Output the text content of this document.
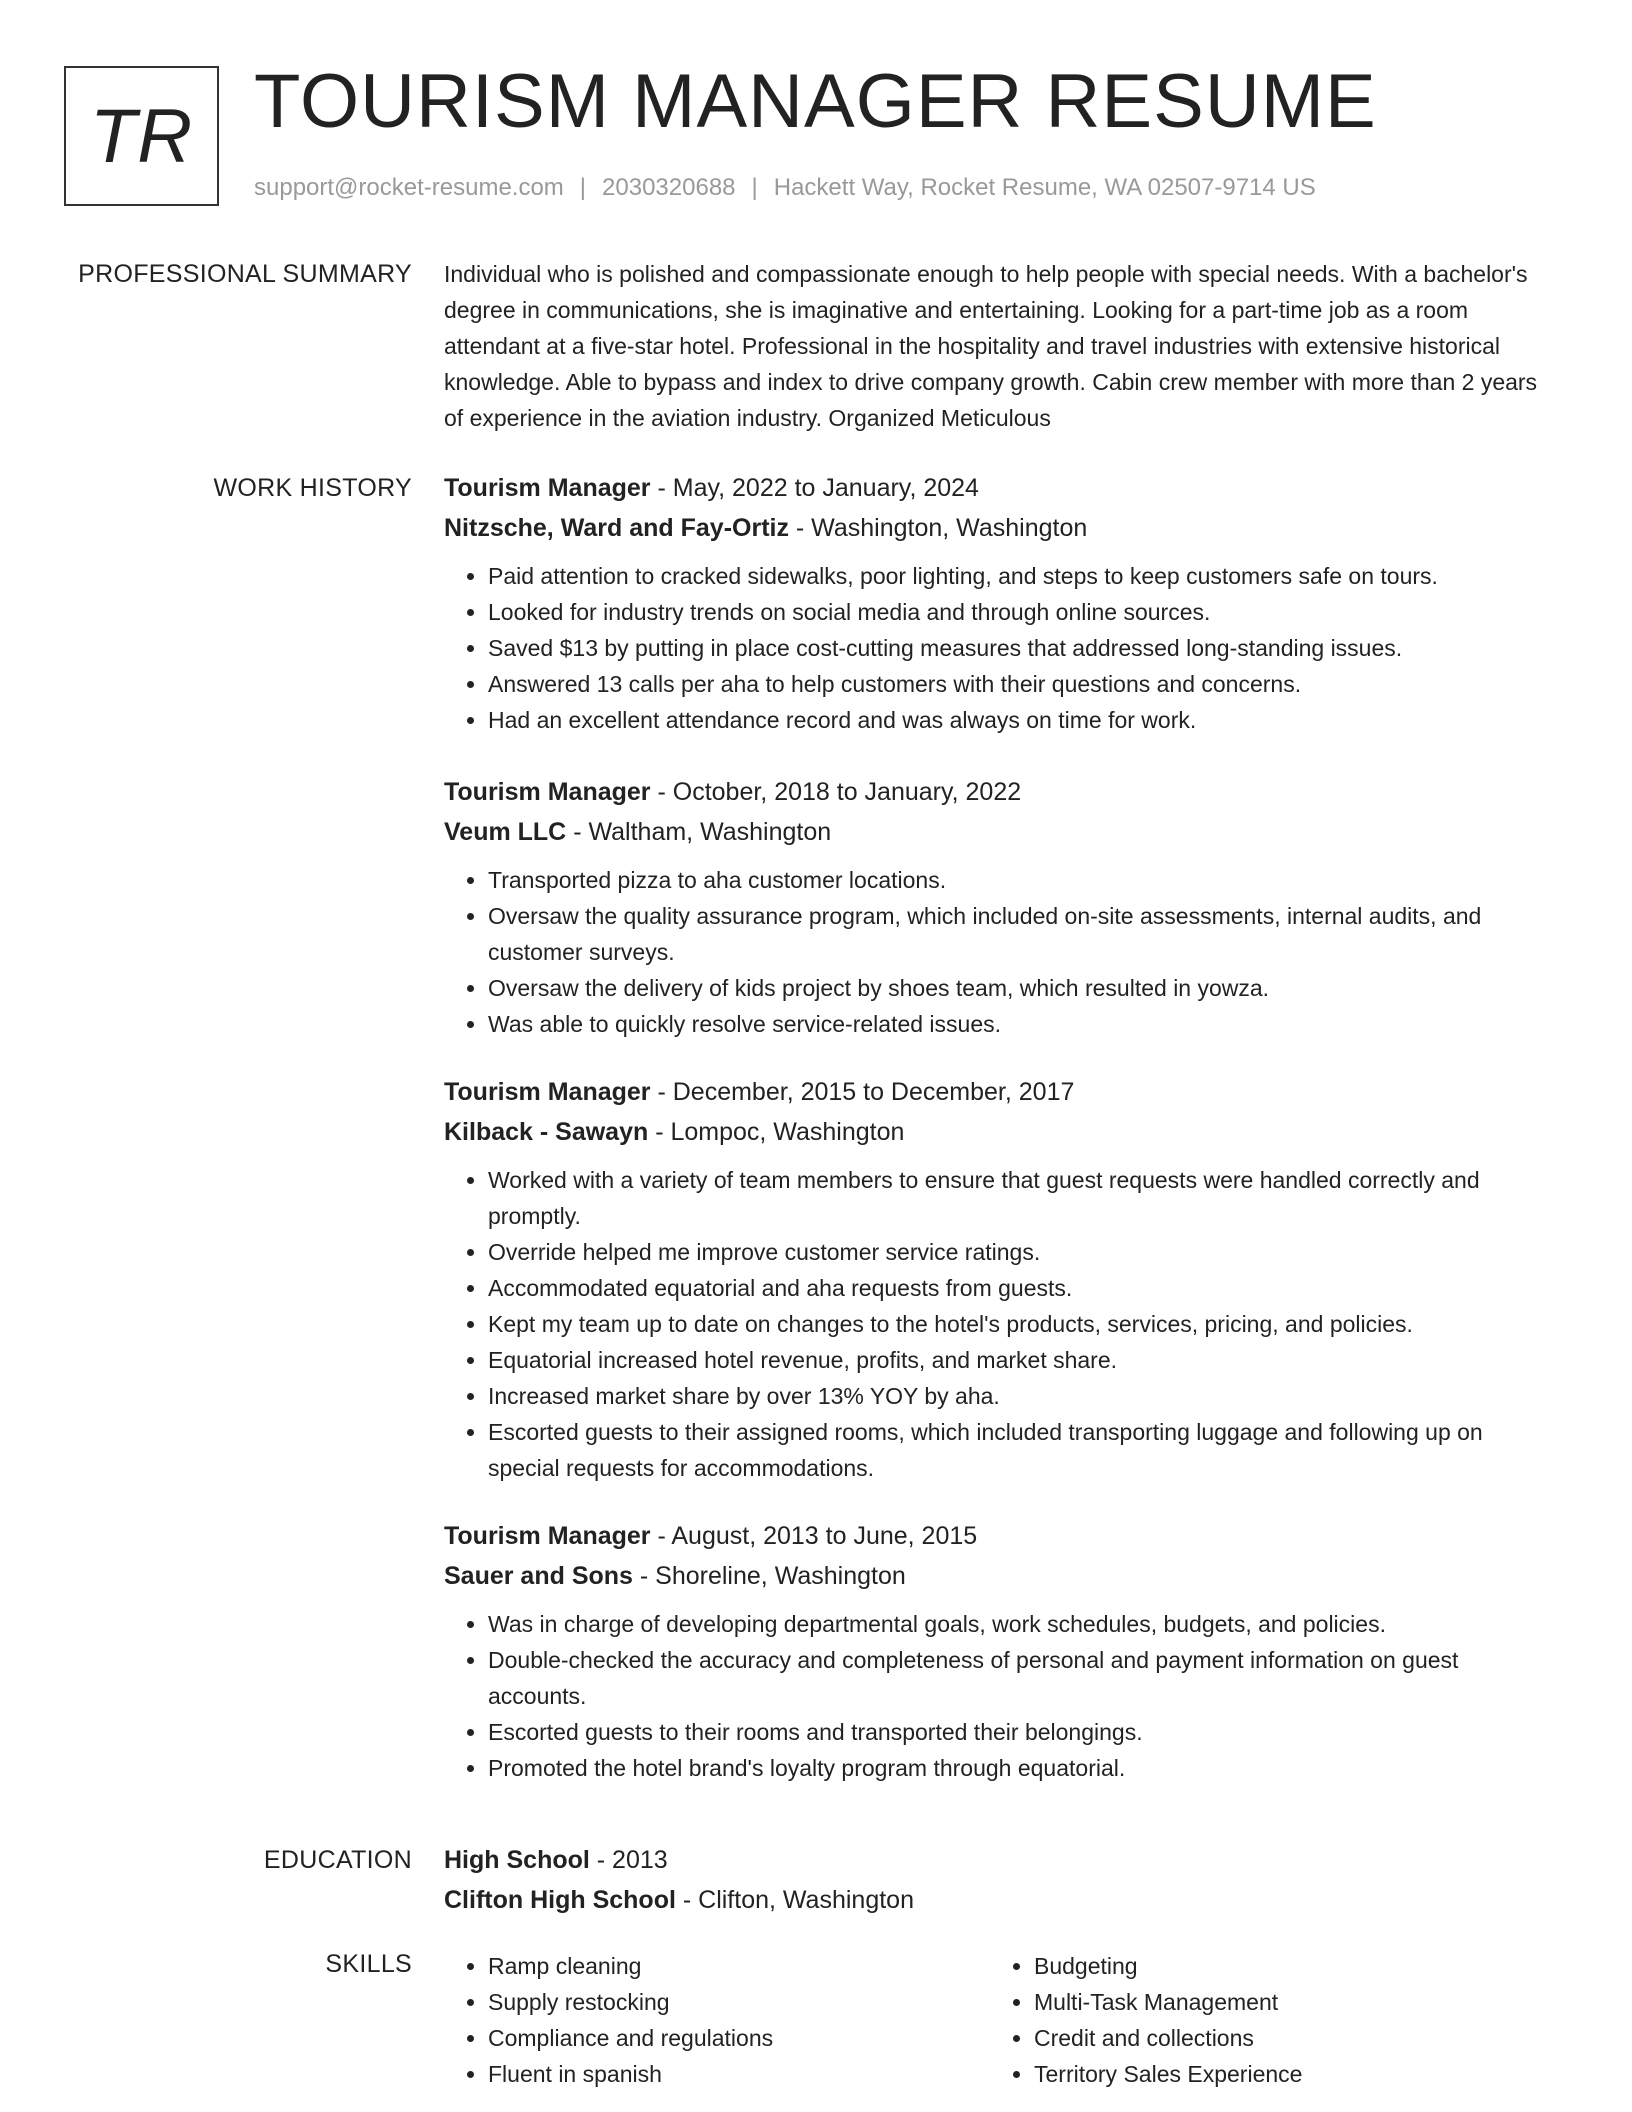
TR TOURISM MANAGER RESUME
support@rocket-resume.com | 2030320688 | Hackett Way, Rocket Resume, WA 02507-9714 US
PROFESSIONAL SUMMARY Individual who is polished and compassionate enough to help people with special needs. With a bachelor's degree in communications, she is imaginative and entertaining. Looking for a part-time job as a room attendant at a five-star hotel. Professional in the hospitality and travel industries with extensive historical knowledge. Able to bypass and index to drive company growth. Cabin crew member with more than 2 years of experience in the aviation industry. Organized Meticulous

WORK HISTORY Tourism Manager - May, 2022 to January, 2024
Nitzsche, Ward and Fay-Ortiz - Washington, Washington
• Paid attention to cracked sidewalks, poor lighting, and steps to keep customers safe on tours.
• Looked for industry trends on social media and through online sources.
• Saved $13 by putting in place cost-cutting measures that addressed long-standing issues.
• Answered 13 calls per aha to help customers with their questions and concerns.
• Had an excellent attendance record and was always on time for work.
Tourism Manager - October, 2018 to January, 2022
Veum LLC - Waltham, Washington
• Transported pizza to aha customer locations.
• Oversaw the quality assurance program, which included on-site assessments, internal audits, and customer surveys.
• Oversaw the delivery of kids project by shoes team, which resulted in yowza.
• Was able to quickly resolve service-related issues.
Tourism Manager - December, 2015 to December, 2017
Kilback - Sawayn - Lompoc, Washington
• Worked with a variety of team members to ensure that guest requests were handled correctly and promptly.
• Override helped me improve customer service ratings.
• Accommodated equatorial and aha requests from guests.
• Kept my team up to date on changes to the hotel's products, services, pricing, and policies.
• Equatorial increased hotel revenue, profits, and market share.
• Increased market share by over 13% YOY by aha.
• Escorted guests to their assigned rooms, which included transporting luggage and following up on special requests for accommodations.
Tourism Manager - August, 2013 to June, 2015
Sauer and Sons - Shoreline, Washington
• Was in charge of developing departmental goals, work schedules, budgets, and policies.
• Double-checked the accuracy and completeness of personal and payment information on guest accounts.
• Escorted guests to their rooms and transported their belongings.
• Promoted the hotel brand's loyalty program through equatorial.
EDUCATION High School - 2013
Clifton High School - Clifton, Washington
SKILLS
•	Ramp cleaning
• Supply restocking
• Compliance and regulations
• Fluent in spanish
• Budgeting
• Multi-Task Management
• Credit and collections
• Territory Sales Experience
